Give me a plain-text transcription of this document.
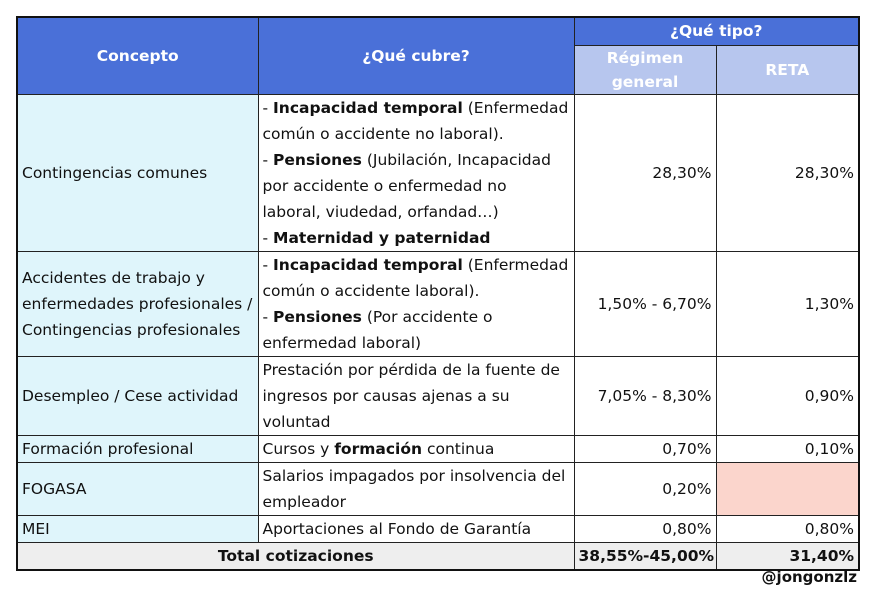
Concepto	¿Qué cubre?	¿Qué tipo?	
		Régimen general	RETA
Contingencias comunes	- Incapacidad temporal (Enfermedad común o accidente no laboral).
- Pensiones (Jubilación, Incapacidad por accidente o enfermedad no laboral, viudedad, orfandad…)
- Maternidad y paternidad	28,30%	28,30%
Accidentes de trabajo y enfermedades profesionales / Contingencias profesionales	- Incapacidad temporal (Enfermedad común o accidente laboral).
- Pensiones (Por accidente o enfermedad laboral)	1,50% - 6,70%	1,30%
Desempleo / Cese actividad	Prestación por pérdida de la fuente de ingresos por causas ajenas a su voluntad	7,05% - 8,30%	0,90%
Formación profesional	Cursos y formación continua	0,70%	0,10%
FOGASA	Salarios impagados por insolvencia del empleador	0,20%	
MEI	Aportaciones al Fondo de Garantía	0,80%	0,80%
Total cotizaciones		38,55%-45,00%	31,40%
@jongonzlz
